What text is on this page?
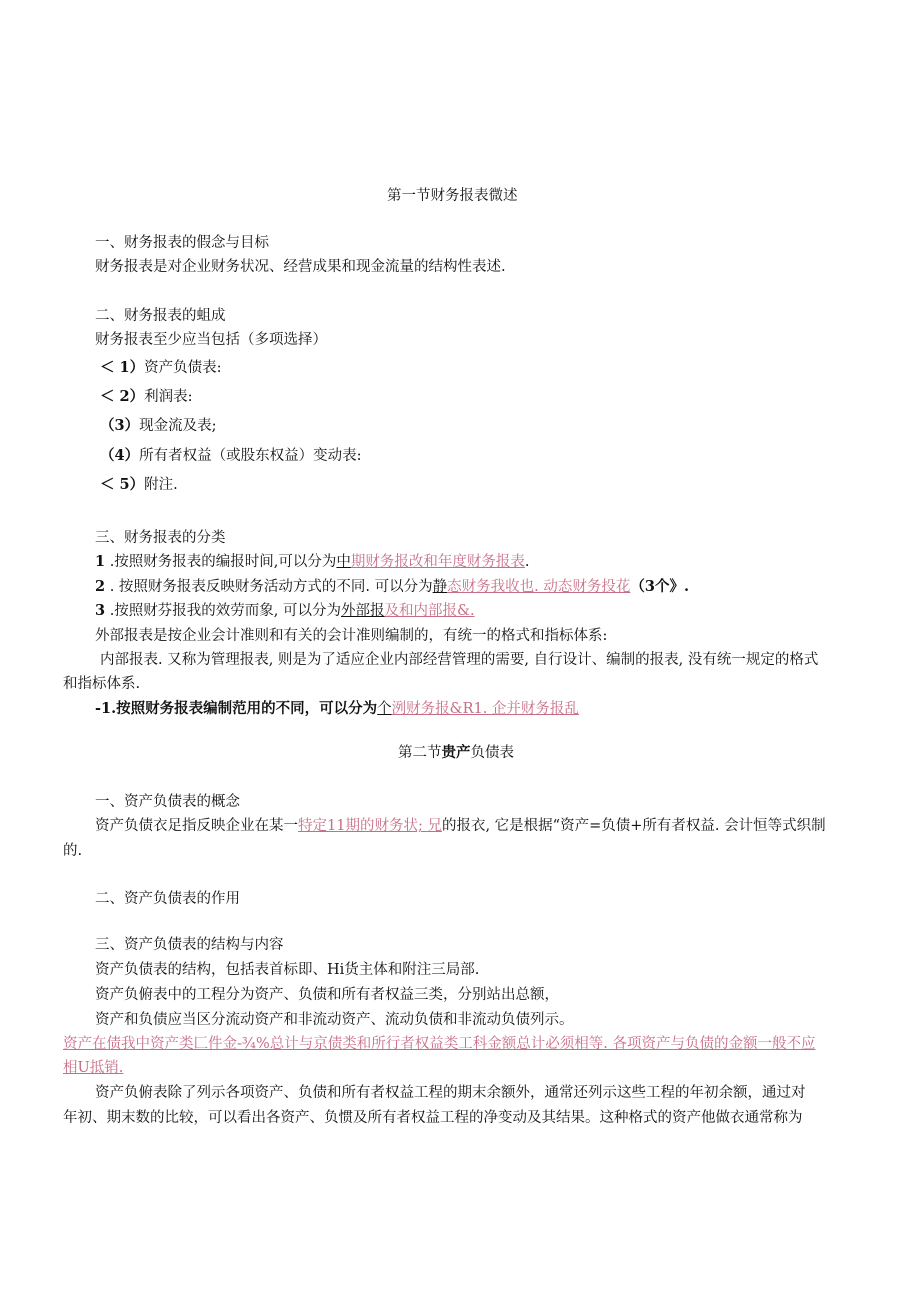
第一节财务报表微述
一、财务报表的假念与目标
财务报表是对企业财务状况、经营成果和现金流量的结构性表述.
二、财务报表的蛆成
财务报表至少应当包括（多项选择）
＜ 1）资产负债表:
＜ 2）利润表:
（3）现金流及表;
（4）所有者权益（或股东权益）变动表:
＜ 5）附注.
三、财务报表的分类
1 .按照财务报表的编报时间,可以分为中期财务报改和年度财务报表.
2 . 按照财务报表反映财务活动方式的不同. 可以分为静态财务我收也. 动态财务投花（3个》.
3 .按照财芬报我的效劳而象, 可以分为外部报及和内部报&.
外部报表是按企业会计准则和有关的会计准则编制的，有统一的格式和指标体系:
内部报表. 又称为管理报表, 则是为了适应企业内部经营管理的需要, 自行设计、编制的报表, 没有统一规定的格式
和指标体系.
-1.按照财务报表编制范用的不同，可以分为个洌财务报&R1. 企并财务报乱
第二节贵产负债表
一、资产负债表的概念
资产负债衣足指反映企业在某一特定11期的财务状; 兄的报衣, 它是根据“资产=负债+所有者权益. 会计恒等式织制
的.
二、资产负债表的作用
三、资产负债表的结构与内容
资产负债表的结构，包括表首标即、Hi货主体和附注三局部.
资产负俯表中的工程分为资产、负债和所有者权益三类，分别站出总额，
资产和负债应当区分流动资产和非流动资产、流动负债和非流动负债列示。
资产在债我中资产类匚件金-¾%总计与京债类和所行者权益类工科金额总计必须相等. 各项资产与负债的金额一般不应
相U抵销.
资产负俯表除了列示各项资产、负债和所有者权益工程的期末余额外，通常还列示这些工程的年初余额，通过对
年初、期末数的比较，可以看出各资产、负惯及所有者权益工程的净变动及其结果。这种格式的资产他做衣通常称为
